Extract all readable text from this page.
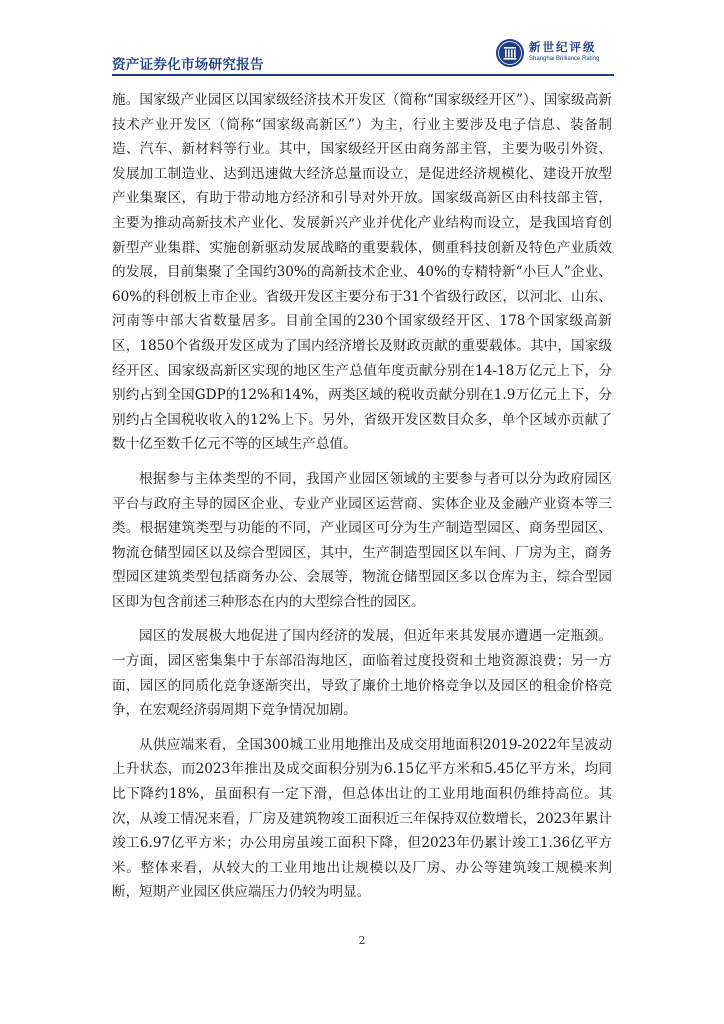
资产证券化市场研究报告
新世纪评级
Shanghai Brilliance Rating

施。国家级产业园区以国家级经济技术开发区（简称“国家级经开区”）、国家级高新技术产业开发区（简称“国家级高新区”）为主，行业主要涉及电子信息、装备制造、汽车、新材料等行业。其中，国家级经开区由商务部主管，主要为吸引外资、发展加工制造业、达到迅速做大经济总量而设立，是促进经济规模化、建设开放型产业集聚区，有助于带动地方经济和引导对外开放。国家级高新区由科技部主管，主要为推动高新技术产业化、发展新兴产业并优化产业结构而设立，是我国培育创新型产业集群、实施创新驱动发展战略的重要载体，侧重科技创新及特色产业质效的发展，目前集聚了全国约30%的高新技术企业、40%的专精特新“小巨人”企业、60%的科创板上市企业。省级开发区主要分布于31个省级行政区，以河北、山东、河南等中部大省数量居多。目前全国的230个国家级经开区、178个国家级高新区，1850个省级开发区成为了国内经济增长及财政贡献的重要载体。其中，国家级经开区、国家级高新区实现的地区生产总值年度贡献分别在14-18万亿元上下，分别约占到全国GDP的12%和14%，两类区域的税收贡献分别在1.9万亿元上下，分别约占全国税收收入的12%上下。另外，省级开发区数目众多，单个区域亦贡献了数十亿至数千亿元不等的区域生产总值。

根据参与主体类型的不同，我国产业园区领域的主要参与者可以分为政府园区平台与政府主导的园区企业、专业产业园区运营商、实体企业及金融产业资本等三类。根据建筑类型与功能的不同，产业园区可分为生产制造型园区、商务型园区、物流仓储型园区以及综合型园区，其中，生产制造型园区以车间、厂房为主，商务型园区建筑类型包括商务办公、会展等，物流仓储型园区多以仓库为主，综合型园区即为包含前述三种形态在内的大型综合性的园区。

园区的发展极大地促进了国内经济的发展，但近年来其发展亦遭遇一定瓶颈。一方面，园区密集集中于东部沿海地区，面临着过度投资和土地资源浪费；另一方面，园区的同质化竞争逐渐突出，导致了廉价土地价格竞争以及园区的租金价格竞争，在宏观经济弱周期下竞争情况加剧。

从供应端来看，全国300城工业用地推出及成交用地面积2019-2022年呈波动上升状态，而2023年推出及成交面积分别为6.15亿平方米和5.45亿平方米，均同比下降约18%，虽面积有一定下滑，但总体出让的工业用地面积仍维持高位。其次，从竣工情况来看，厂房及建筑物竣工面积近三年保持双位数增长，2023年累计竣工6.97亿平方米；办公用房虽竣工面积下降，但2023年仍累计竣工1.36亿平方米。整体来看，从较大的工业用地出让规模以及厂房、办公等建筑竣工规模来判断，短期产业园区供应端压力仍较为明显。

2
